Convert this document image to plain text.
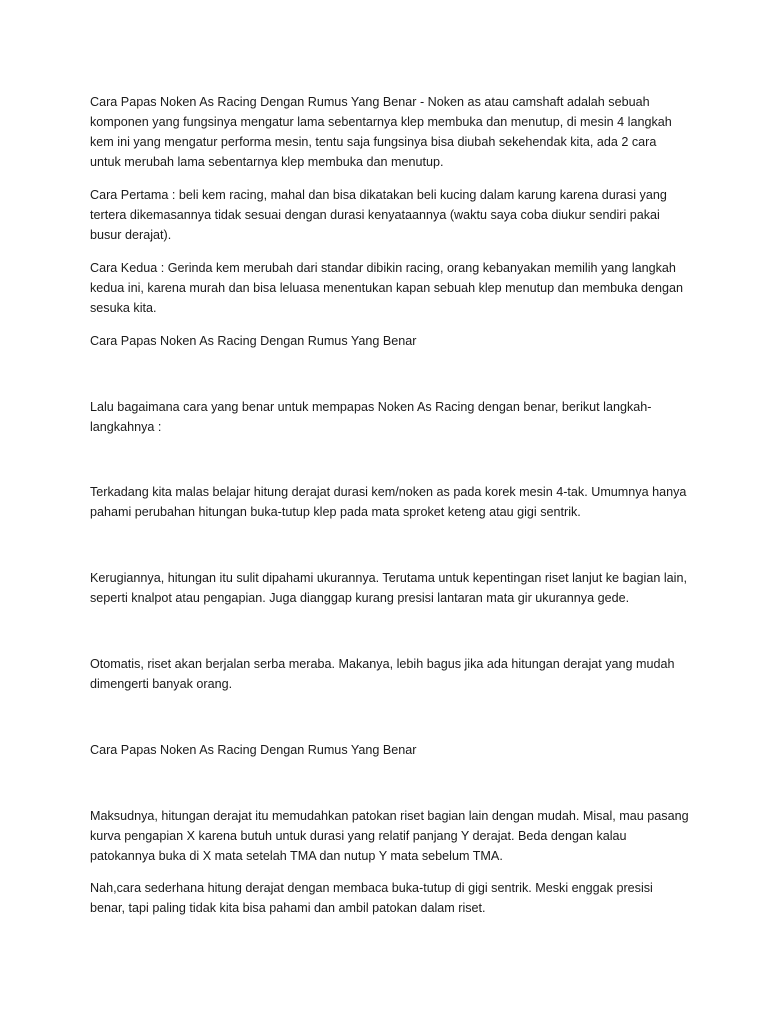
Cara Papas Noken As Racing Dengan Rumus Yang Benar - Noken as atau camshaft adalah sebuah komponen yang fungsinya mengatur lama sebentarnya klep membuka dan menutup, di mesin 4 langkah kem ini yang mengatur performa mesin, tentu saja fungsinya bisa diubah sekehendak kita, ada 2 cara untuk merubah lama sebentarnya klep membuka dan menutup.

Cara Pertama : beli kem racing, mahal dan bisa dikatakan beli kucing dalam karung karena durasi yang tertera dikemasannya tidak sesuai dengan durasi kenyataannya (waktu saya coba diukur sendiri pakai busur derajat).

Cara Kedua : Gerinda kem merubah dari standar dibikin racing, orang kebanyakan memilih yang langkah kedua ini, karena murah dan bisa leluasa menentukan kapan sebuah klep menutup dan membuka dengan sesuka kita.

Cara Papas Noken As Racing Dengan Rumus Yang Benar

Lalu bagaimana cara yang benar untuk mempapas Noken As Racing dengan benar, berikut langkah-langkahnya :

Terkadang kita malas belajar hitung derajat durasi kem/noken as pada korek mesin 4-tak. Umumnya hanya pahami perubahan hitungan buka-tutup klep pada mata sproket keteng atau gigi sentrik.

Kerugiannya, hitungan itu sulit dipahami ukurannya. Terutama untuk kepentingan riset lanjut ke bagian lain, seperti knalpot atau pengapian. Juga dianggap kurang presisi lantaran mata gir ukurannya gede.

Otomatis, riset akan berjalan serba meraba. Makanya, lebih bagus jika ada hitungan derajat yang mudah dimengerti banyak orang.

Cara Papas Noken As Racing Dengan Rumus Yang Benar

Maksudnya, hitungan derajat itu memudahkan patokan riset bagian lain dengan mudah. Misal, mau pasang kurva pengapian X karena butuh untuk durasi yang relatif panjang Y derajat. Beda dengan kalau patokannya buka di X mata setelah TMA dan nutup Y mata sebelum TMA.

Nah,cara sederhana hitung derajat dengan membaca buka-tutup di gigi sentrik. Meski enggak presisi benar, tapi paling tidak kita bisa pahami dan ambil patokan dalam riset.
